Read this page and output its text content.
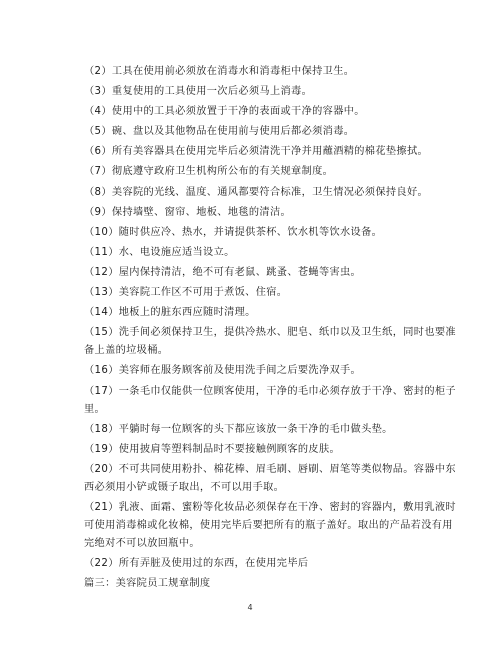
（2）工具在使用前必须放在消毒水和消毒柜中保持卫生。
（3）重复使用的工具使用一次后必须马上消毒。
（4）使用中的工具必须放置于干净的表面或干净的容器中。
（5）碗、盘以及其他物品在使用前与使用后都必须消毒。
（6）所有美容器具在使用完毕后必须清洗干净并用蘸酒精的棉花垫擦拭。
（7）彻底遵守政府卫生机构所公布的有关规章制度。
（8）美容院的光线、温度、通风都要符合标准，卫生情况必须保持良好。
（9）保持墙壁、窗帘、地板、地毯的清洁。
（10）随时供应冷、热水，并请提供茶杯、饮水机等饮水设备。
（11）水、电设施应适当设立。
（12）屋内保持清洁，绝不可有老鼠、跳蚤、苍蝇等害虫。
（13）美容院工作区不可用于煮饭、住宿。
（14）地板上的脏东西应随时清理。
（15）洗手间必须保持卫生，提供冷热水、肥皂、纸巾以及卫生纸，同时也要准
备上盖的垃圾桶。
（16）美容师在服务顾客前及使用洗手间之后要洗净双手。
（17）一条毛巾仅能供一位顾客使用，干净的毛巾必须存放于干净、密封的柜子
里。
（18）平躺时每一位顾客的头下都应该放一条干净的毛巾做头垫。
（19）使用披肩等塑料制品时不要接触例顾客的皮肤。
（20）不可共同使用粉扑、棉花棒、眉毛刷、唇刷、眉笔等类似物品。容器中东
西必须用小铲或镊子取出，不可以用手取。
（21）乳液、面霜、蜜粉等化妆品必须保存在干净、密封的容器内，敷用乳液时
可使用消毒棉或化妆棉，使用完毕后要把所有的瓶子盖好。取出的产品若没有用
完绝对不可以放回瓶中。
（22）所有弄脏及使用过的东西，在使用完毕后
篇三：美容院员工规章制度
4
